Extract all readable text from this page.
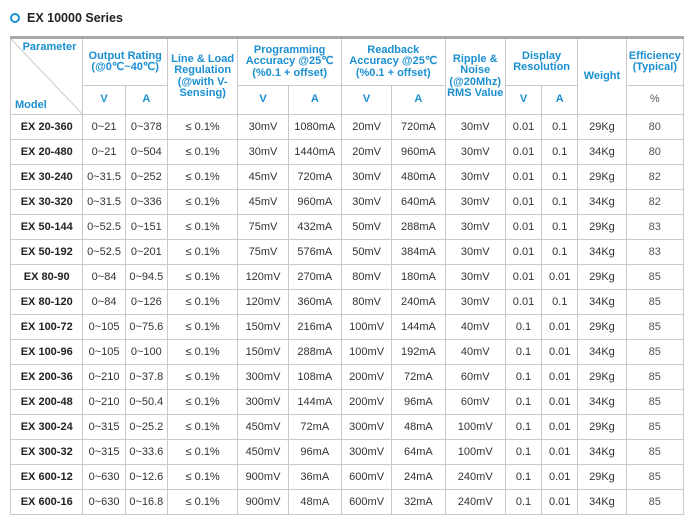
EX 10000 Series
Parameter
Model	Output Rating (@0℃~40℃)		Line & Load Regulation (@with V-Sensing)	Programming Accuracy @25℃ (%0.1 + offset)		Readback Accuracy @25℃ (%0.1 + offset)		Ripple & Noise (@20Mhz) RMS Value	Display Resolution		Weight	Efficiency (Typical)
	V	A		V	A	V	A		V	A		%
EX 20-360	0~21	0~378	≤ 0.1%	30mV	1080mA	20mV	720mA	30mV	0.01	0.1	29Kg	80
EX 20-480	0~21	0~504	≤ 0.1%	30mV	1440mA	20mV	960mA	30mV	0.01	0.1	34Kg	80
EX 30-240	0~31.5	0~252	≤ 0.1%	45mV	720mA	30mV	480mA	30mV	0.01	0.1	29Kg	82
EX 30-320	0~31.5	0~336	≤ 0.1%	45mV	960mA	30mV	640mA	30mV	0.01	0.1	34Kg	82
EX 50-144	0~52.5	0~151	≤ 0.1%	75mV	432mA	50mV	288mA	30mV	0.01	0.1	29Kg	83
EX 50-192	0~52.5	0~201	≤ 0.1%	75mV	576mA	50mV	384mA	30mV	0.01	0.1	34Kg	83
EX 80-90	0~84	0~94.5	≤ 0.1%	120mV	270mA	80mV	180mA	30mV	0.01	0.01	29Kg	85
EX 80-120	0~84	0~126	≤ 0.1%	120mV	360mA	80mV	240mA	30mV	0.01	0.1	34Kg	85
EX 100-72	0~105	0~75.6	≤ 0.1%	150mV	216mA	100mV	144mA	40mV	0.1	0.01	29Kg	85
EX 100-96	0~105	0~100	≤ 0.1%	150mV	288mA	100mV	192mA	40mV	0.1	0.01	34Kg	85
EX 200-36	0~210	0~37.8	≤ 0.1%	300mV	108mA	200mV	72mA	60mV	0.1	0.01	29Kg	85
EX 200-48	0~210	0~50.4	≤ 0.1%	300mV	144mA	200mV	96mA	60mV	0.1	0.01	34Kg	85
EX 300-24	0~315	0~25.2	≤ 0.1%	450mV	72mA	300mV	48mA	100mV	0.1	0.01	29Kg	85
EX 300-32	0~315	0~33.6	≤ 0.1%	450mV	96mA	300mV	64mA	100mV	0.1	0.01	34Kg	85
EX 600-12	0~630	0~12.6	≤ 0.1%	900mV	36mA	600mV	24mA	240mV	0.1	0.01	29Kg	85
EX 600-16	0~630	0~16.8	≤ 0.1%	900mV	48mA	600mV	32mA	240mV	0.1	0.01	34Kg	85
